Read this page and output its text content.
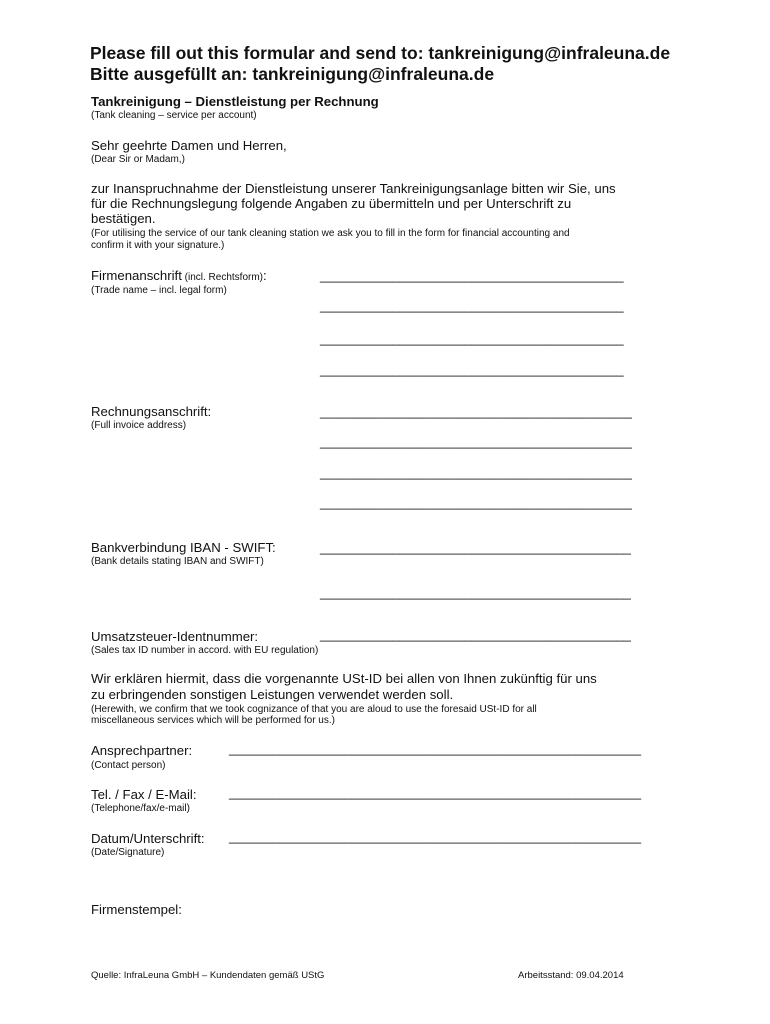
Please fill out this formular and send to: tankreinigung@infraleuna.de
Bitte ausgefüllt an: tankreinigung@infraleuna.de
Tankreinigung – Dienstleistung per Rechnung
(Tank cleaning – service per account)
Sehr geehrte Damen und Herren,
(Dear Sir or Madam,)
zur Inanspruchnahme der Dienstleistung unserer Tankreinigungsanlage bitten wir Sie, uns
für die Rechnungslegung folgende Angaben zu übermitteln und per Unterschrift zu
bestätigen.
(For utilising the service of our tank cleaning station we ask you to fill in the form for financial accounting and
confirm it with your signature.)
Firmenanschrift (incl. Rechtsform):
(Trade name – incl. legal form)
__________________________________________
__________________________________________
__________________________________________
__________________________________________
Rechnungsanschrift:
(Full invoice address)
__________________________________________
__________________________________________
__________________________________________
__________________________________________
Bankverbindung IBAN - SWIFT:
(Bank details stating IBAN and SWIFT)
___________________________________________
___________________________________________
Umsatzsteuer-Identnummer:
(Sales tax ID number in accord. with EU regulation)
___________________________________________
Wir erklären hiermit, dass die vorgenannte USt-ID bei allen von Ihnen zukünftig für uns
zu erbringenden sonstigen Leistungen verwendet werden soll.
(Herewith, we confirm that we took cognizance of that you are aloud to use the foresaid USt-ID for all
miscellaneous services which will be performed for us.)
Ansprechpartner:
(Contact person)
_________________________________________________________
Tel. / Fax / E-Mail:
(Telephone/fax/e-mail)
_________________________________________________________
Datum/Unterschrift:
(Date/Signature)
_________________________________________________________
Firmenstempel:
Quelle: InfraLeuna GmbH – Kundendaten gemäß UStG	Arbeitsstand: 09.04.2014
